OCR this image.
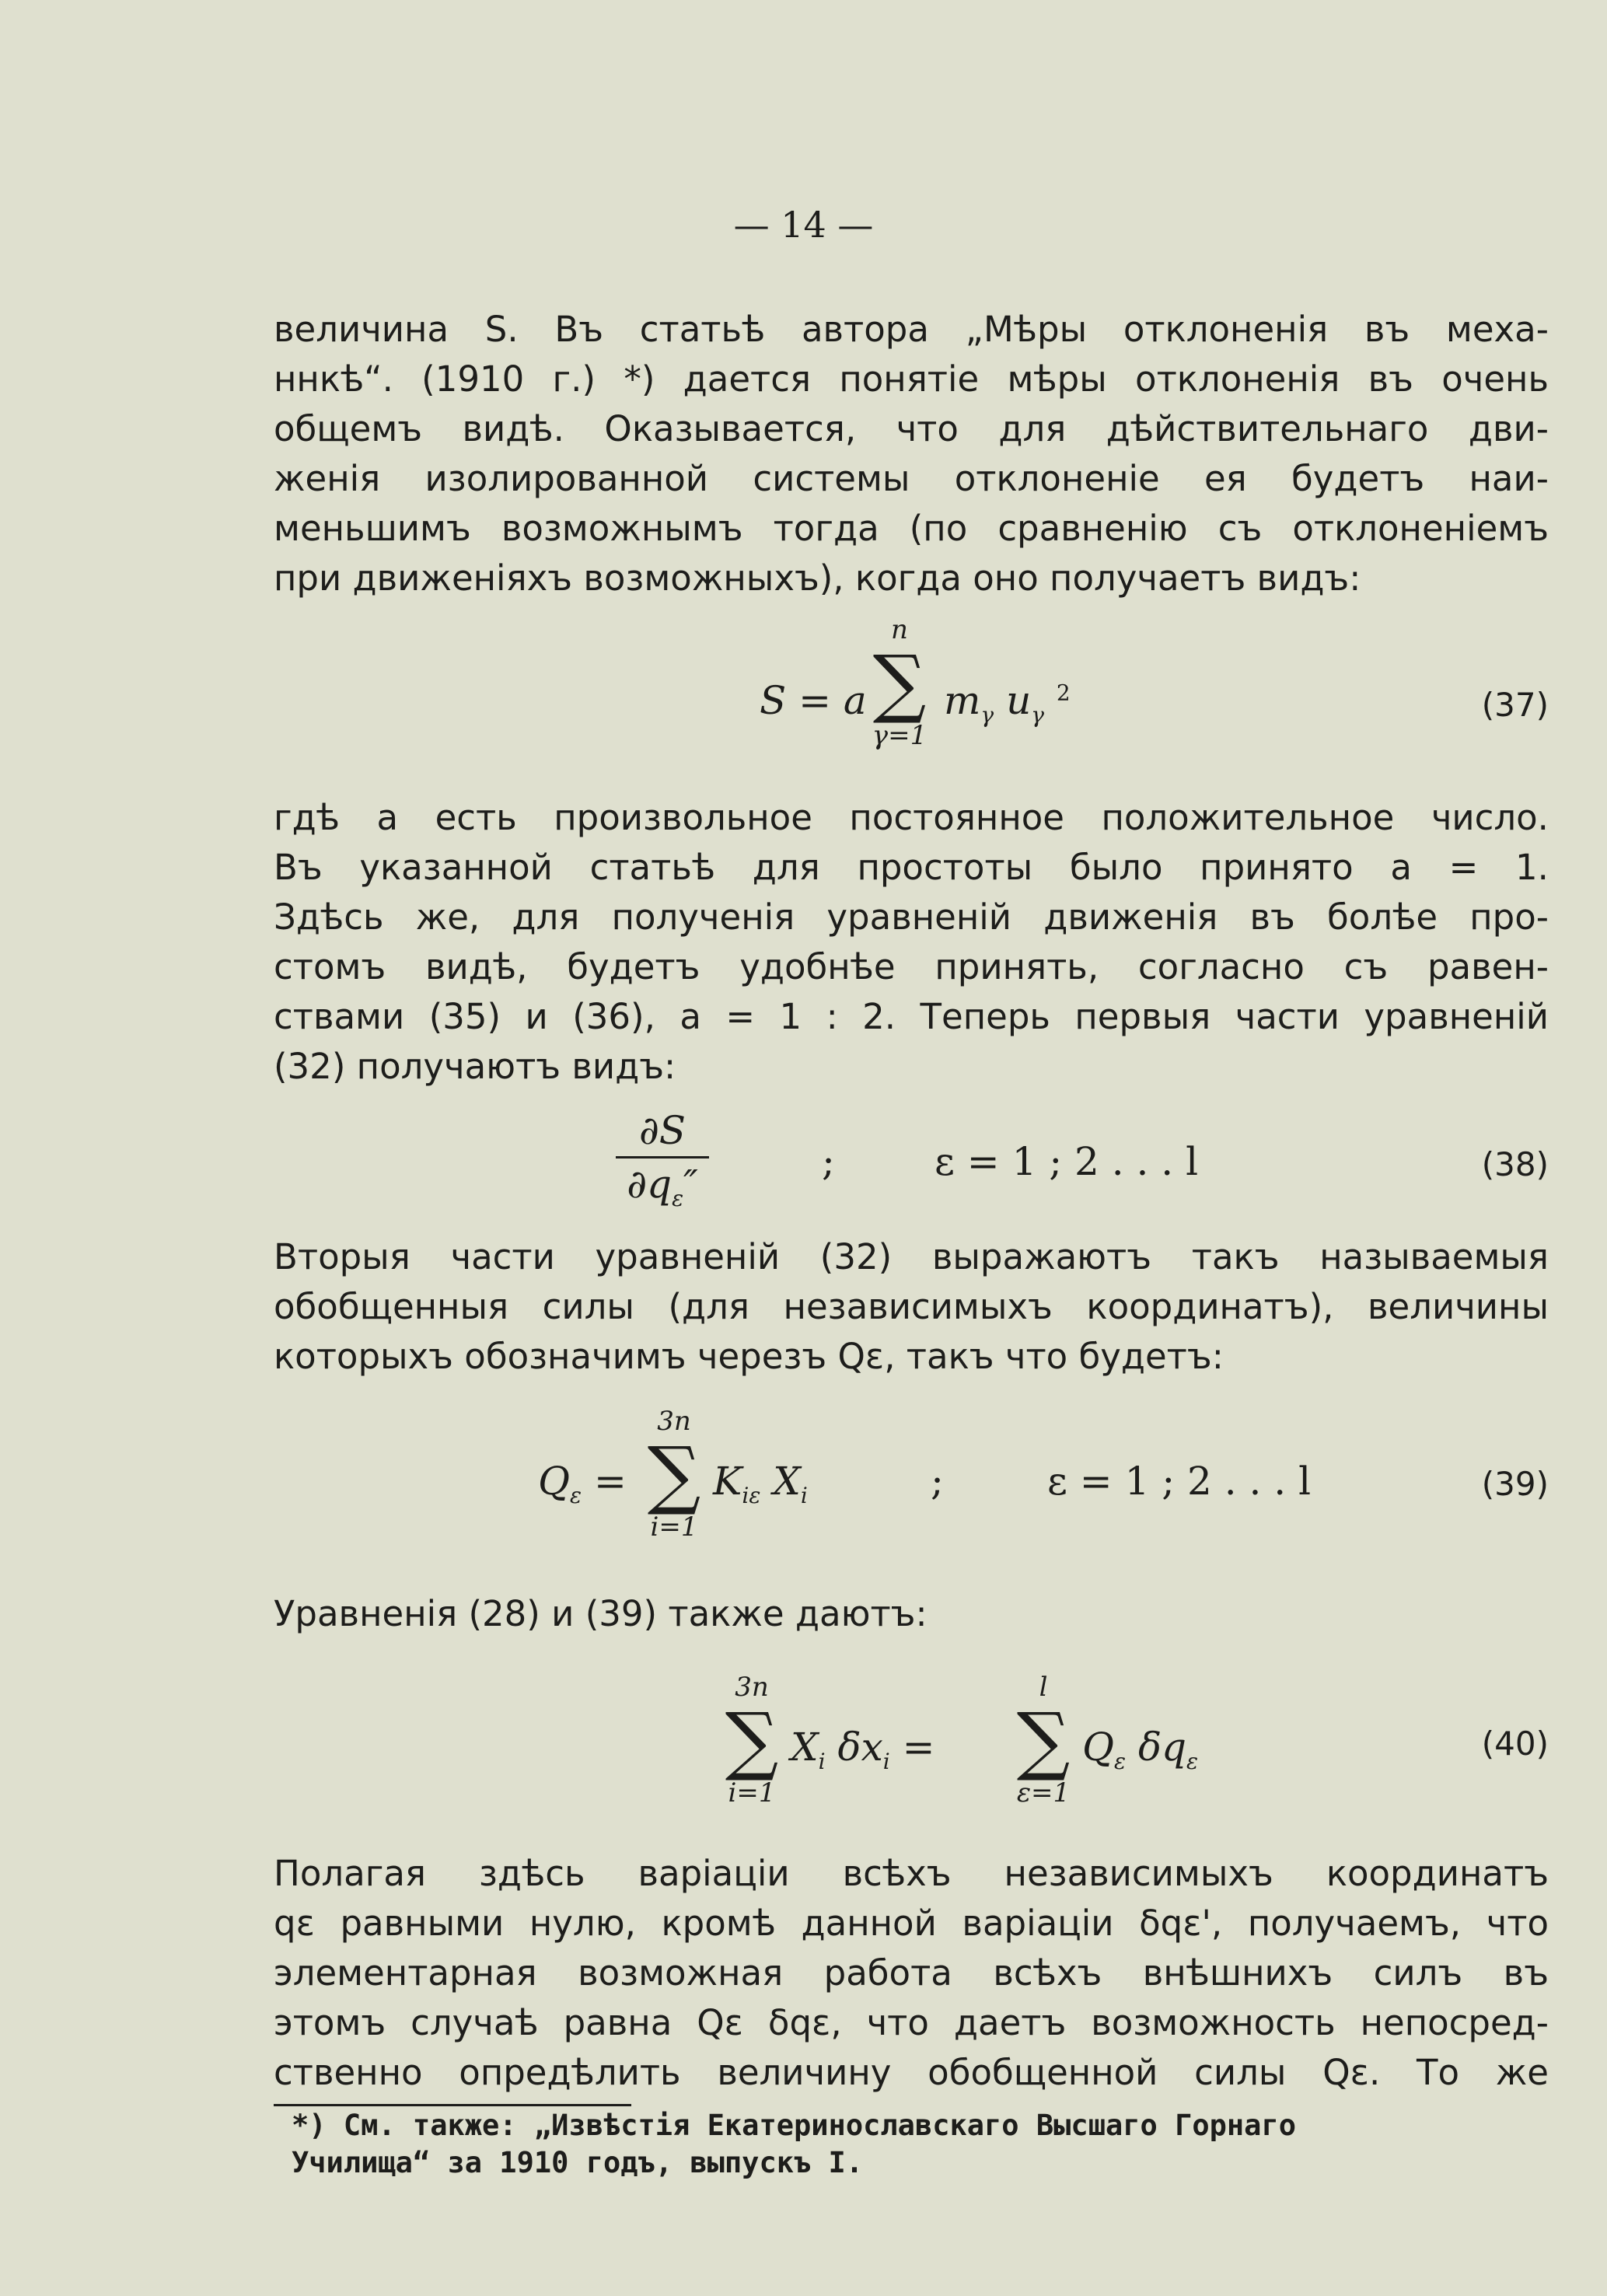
— 14 —
величина S. Въ статьѣ автора „Мѣры отклоненія въ меха-
ннкѣ“. (1910 г.) *) дается понятіе мѣры отклоненія въ очень
общемъ видѣ. Оказывается, что для дѣйствительнаго дви-
женія изолированной системы отклоненіе ея будетъ наи-
меньшимъ возможнымъ тогда (по сравненію съ отклоненіемъ
при движеніяхъ возможныхъ), когда оно получаетъ видъ:
S = a
n
∑
γ=1
$m_\gamma$ $u_\gamma$ $^2$	(37)
гдѣ a есть произвольное постоянное положительное число.
Въ указанной статьѣ для простоты было принято a = 1.
Здѣсь же, для полученія уравненій движенія въ болѣе про-
стомъ видѣ, будетъ удобнѣе принять, согласно съ равен-
ствами (35) и (36), a = 1 : 2. Теперь первыя части уравненій
(32) получаютъ видъ:
∂S
$\partial q_\varepsilon''$	;	ε = 1 ; 2 . . . l	(38)
Вторыя части уравненій (32) выражаютъ такъ называемыя
обобщенныя силы (для независимыхъ координатъ), величины
которыхъ обозначимъ черезъ Qε, такъ что будетъ:
$Q_\varepsilon$ =
3n
∑
i=1
$K_{i\varepsilon}$ $X_i$	;	ε = 1 ; 2 . . . l	(39)
Уравненія (28) и (39) также даютъ:
3n
∑
i=1
$X_i$ $\delta x_i$ =
l
∑
ε=1
$Q_\varepsilon$ $\delta q_\varepsilon$	(40)
Полагая здѣсь варіаціи всѣхъ независимыхъ координатъ
qε равными нулю, кромѣ данной варіаціи δqε', получаемъ, что
элементарная возможная работа всѣхъ внѣшнихъ силъ въ
этомъ случаѣ равна Qε δqε, что даетъ возможность непосред-
ственно опредѣлить величину обобщенной силы Qε. То же
*) См. также: „Извѣстія Екатеринославскаго Высшаго Горнаго
Училища“ за 1910 годъ, выпускъ I.
